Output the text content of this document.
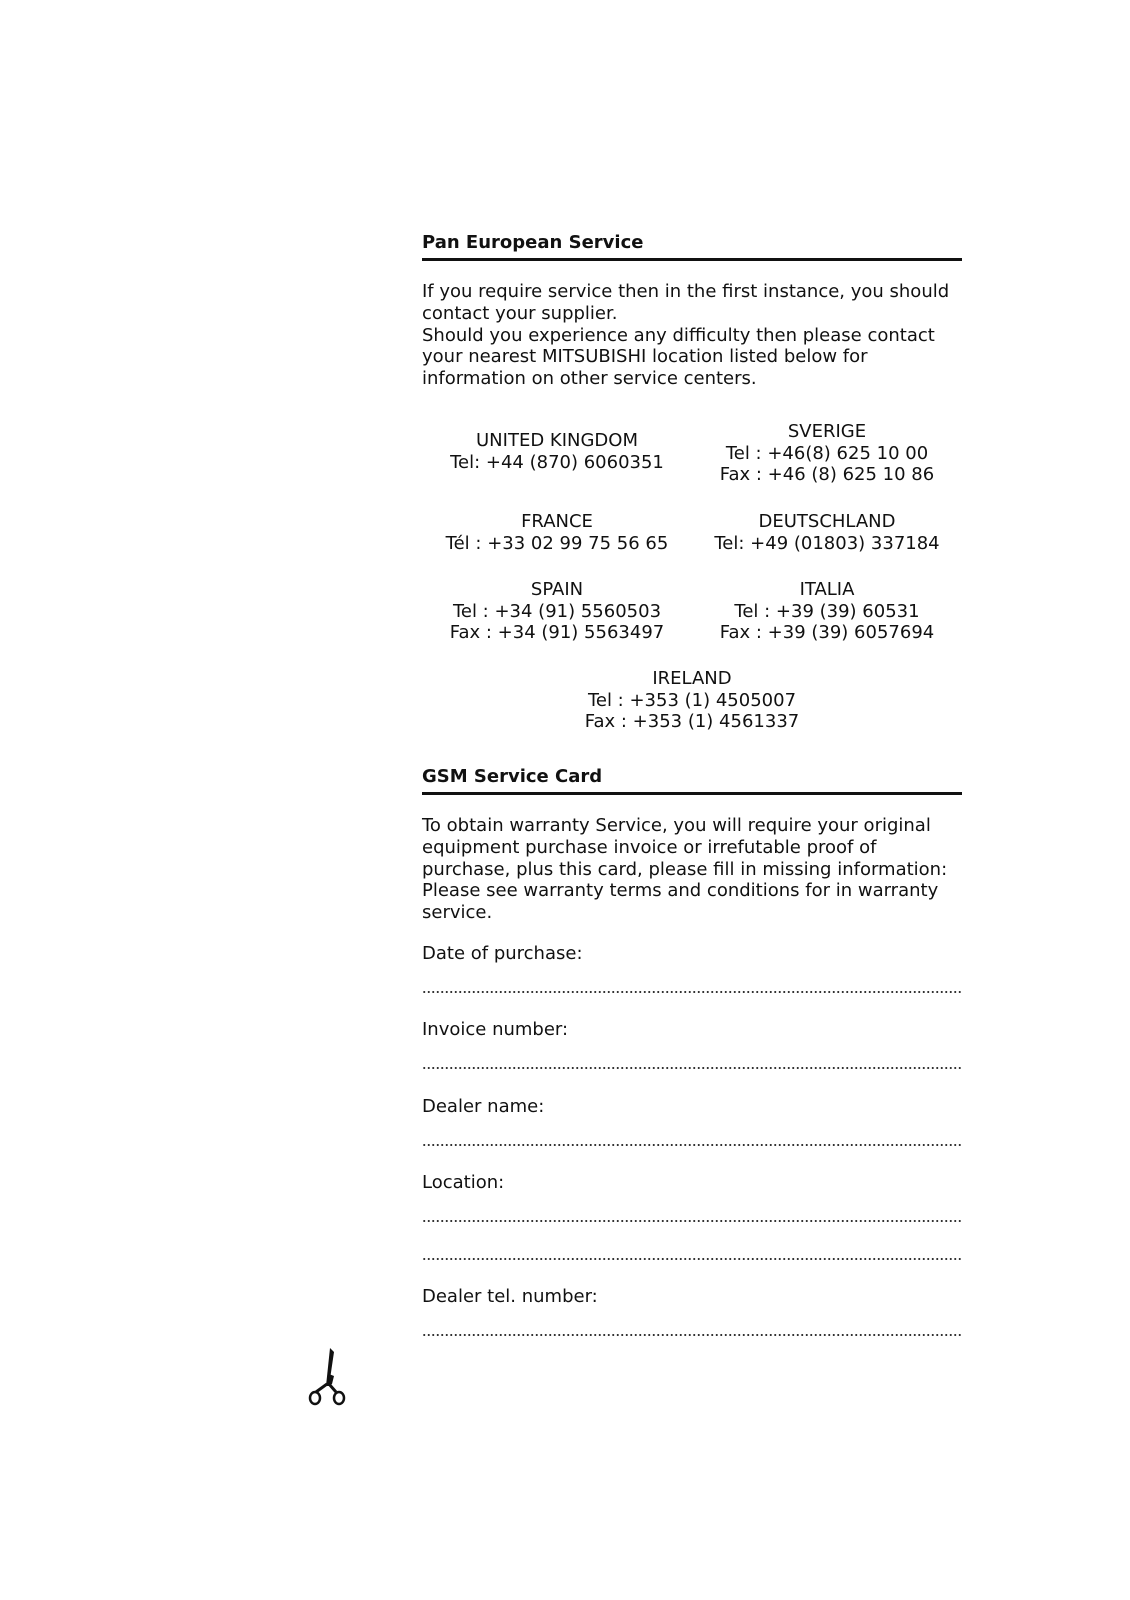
Pan European Service

If you require service then in the first instance, you should contact your supplier.

Should you experience any difficulty then please contact your nearest MITSUBISHI location listed below for information on other service centers.

UNITED KINGDOM
Tel: +44 (870) 6060351
SVERIGE
Tel : +46(8) 625 10 00
Fax : +46 (8) 625 10 86
FRANCE
Tél : +33 02 99 75 56 65
DEUTSCHLAND
Tel: +49 (01803) 337184
SPAIN
Tel : +34 (91) 5560503
Fax : +34 (91) 5563497
ITALIA
Tel : +39 (39) 60531
Fax : +39 (39) 6057694
IRELAND
Tel : +353 (1) 4505007
Fax : +353 (1) 4561337
GSM Service Card

To obtain warranty Service, you will require your original equipment purchase invoice or irrefutable proof of purchase, plus this card, please fill in missing information:

Please see warranty terms and conditions for in warranty service.

Date of purchase:
Invoice number:
Dealer name:
Location:
Dealer tel. number:
